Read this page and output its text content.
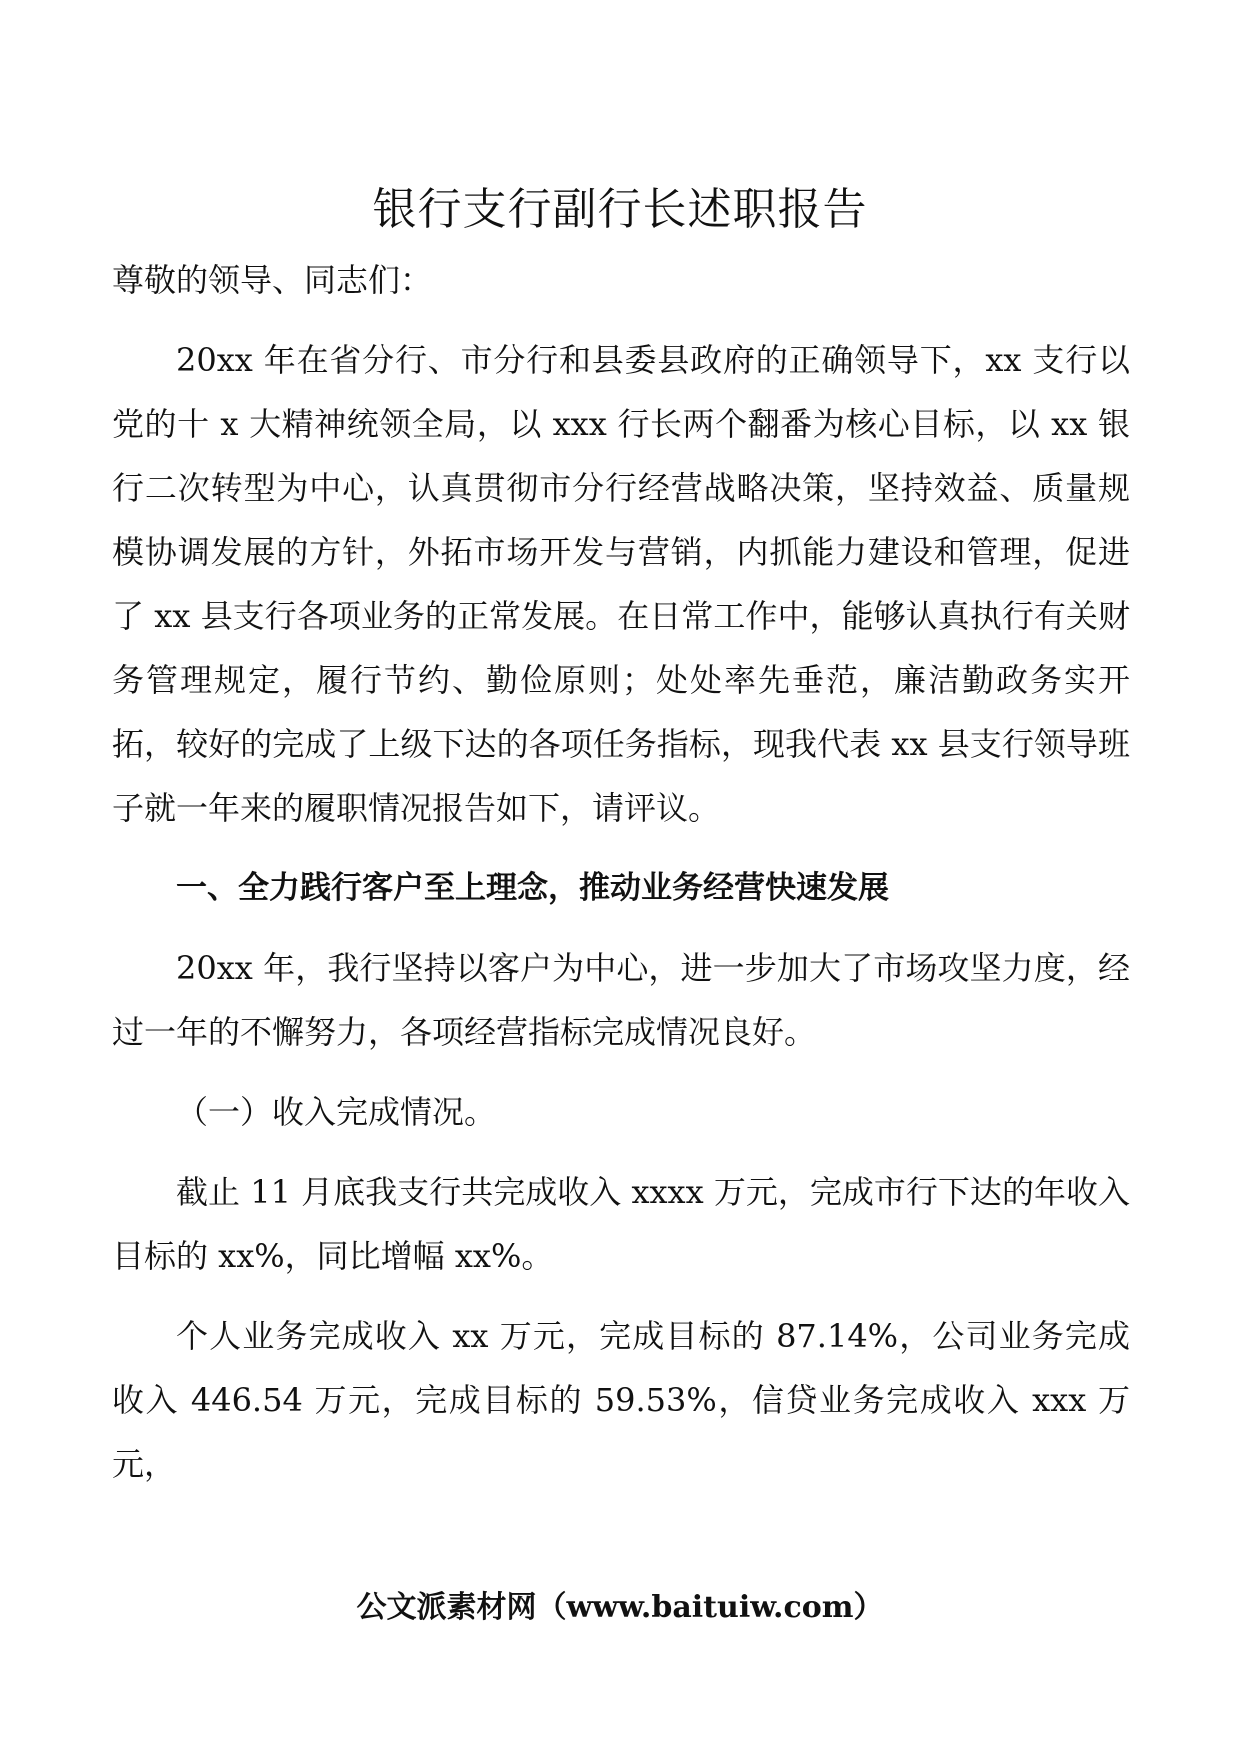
银行支行副行长述职报告

尊敬的领导、同志们：

20xx 年在省分行、市分行和县委县政府的正确领导下，xx 支行以党的十 x 大精神统领全局，以 xxx 行长两个翻番为核心目标，以 xx 银行二次转型为中心，认真贯彻市分行经营战略决策，坚持效益、质量规模协调发展的方针，外拓市场开发与营销，内抓能力建设和管理，促进了 xx 县支行各项业务的正常发展。在日常工作中，能够认真执行有关财务管理规定，履行节约、勤俭原则；处处率先垂范，廉洁勤政务实开拓，较好的完成了上级下达的各项任务指标，现我代表 xx 县支行领导班子就一年来的履职情况报告如下，请评议。

一、全力践行客户至上理念，推动业务经营快速发展

20xx 年，我行坚持以客户为中心，进一步加大了市场攻坚力度，经过一年的不懈努力，各项经营指标完成情况良好。

（一）收入完成情况。

截止 11 月底我支行共完成收入 xxxx 万元，完成市行下达的年收入目标的 xx%，同比增幅 xx%。

个人业务完成收入 xx 万元，完成目标的 87.14%，公司业务完成收入 446.54 万元，完成目标的 59.53%，信贷业务完成收入 xxx 万元，

公文派素材网（www.baituiw.com）
